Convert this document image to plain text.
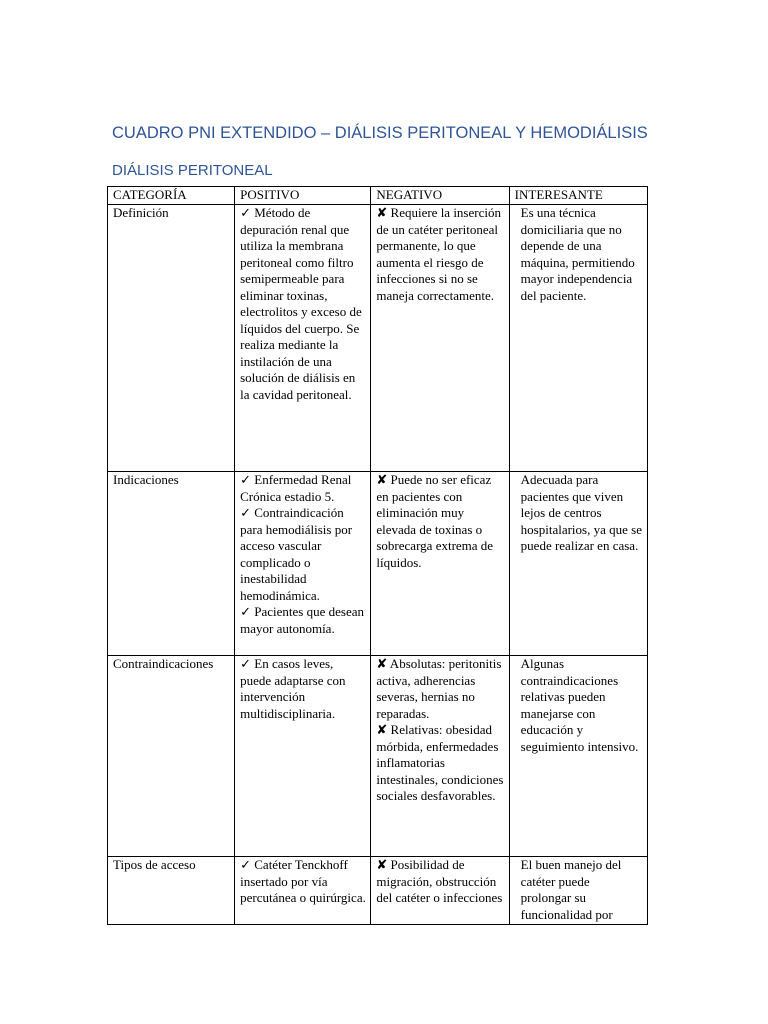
CUADRO PNI EXTENDIDO – DIÁLISIS PERITONEAL Y HEMODIÁLISIS
DIÁLISIS PERITONEAL
CATEGORÍA	POSITIVO	NEGATIVO	INTERESANTE
Definición	✓ Método de depuración renal que utiliza la membrana peritoneal como filtro semipermeable para eliminar toxinas, electrolitos y exceso de líquidos del cuerpo. Se realiza mediante la instilación de una solución de diálisis en la cavidad peritoneal.	✘ Requiere la inserción de un catéter peritoneal permanente, lo que aumenta el riesgo de infecciones si no se maneja correctamente.	Es una técnica domiciliaria que no depende de una máquina, permitiendo mayor independencia del paciente.

Indicaciones	✓ Enfermedad Renal Crónica estadio 5.
✓ Contraindicación para hemodiálisis por acceso vascular complicado o inestabilidad hemodinámica.
✓ Pacientes que desean mayor autonomía.	✘ Puede no ser eficaz en pacientes con eliminación muy elevada de toxinas o sobrecarga extrema de líquidos.	Adecuada para pacientes que viven lejos de centros hospitalarios, ya que se puede realizar en casa.

Contraindicaciones	✓ En casos leves, puede adaptarse con intervención multidisciplinaria.	✘ Absolutas: peritonitis activa, adherencias severas, hernias no reparadas.
✘ Relativas: obesidad mórbida, enfermedades inflamatorias intestinales, condiciones sociales desfavorables.	Algunas contraindicaciones relativas pueden manejarse con educación y seguimiento intensivo.

Tipos de acceso	✓ Catéter Tenckhoff insertado por vía percutánea o quirúrgica.	✘ Posibilidad de migración, obstrucción del catéter o infecciones	El buen manejo del catéter puede prolongar su funcionalidad por
